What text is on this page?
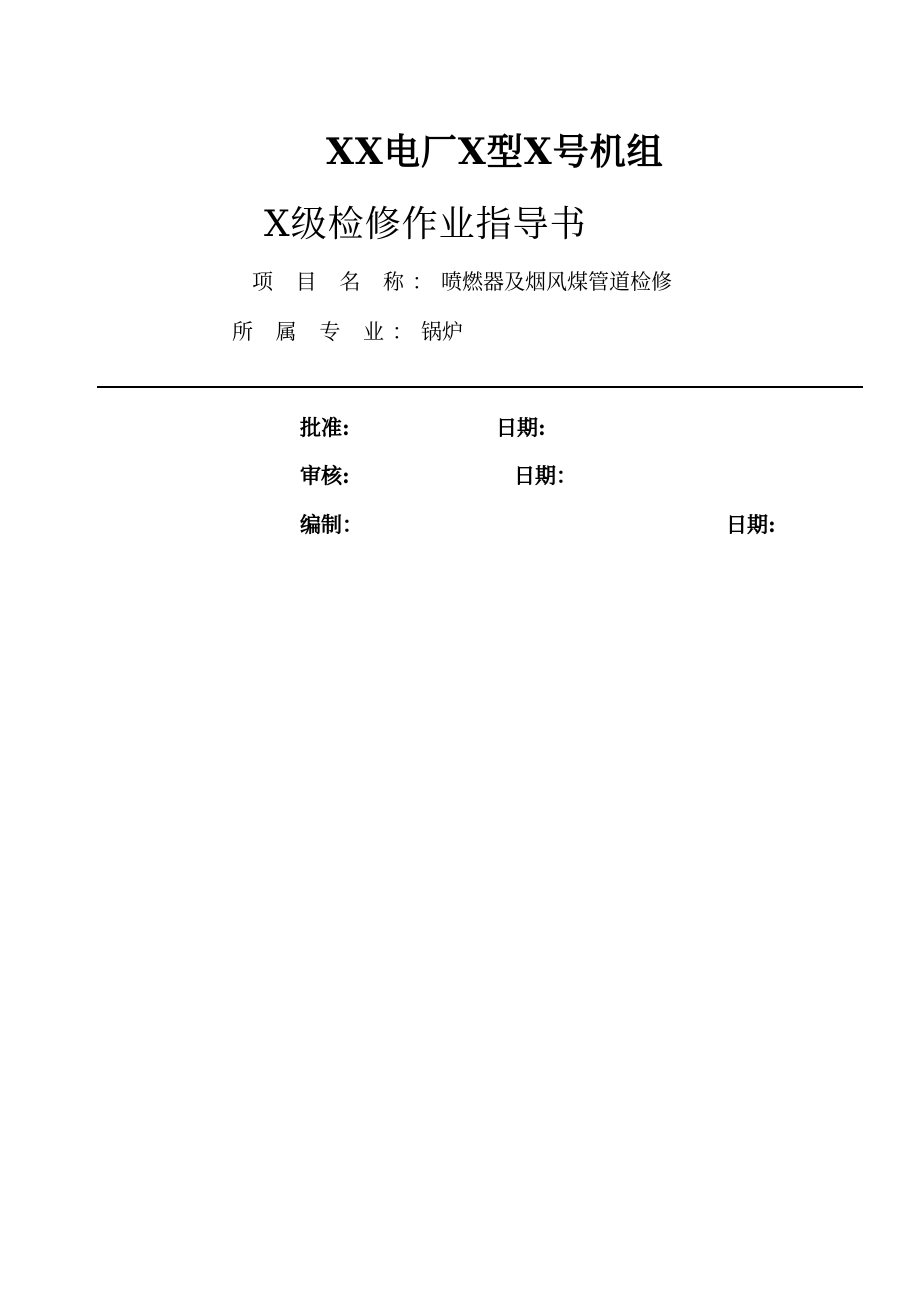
XX电厂X型X号机组
X级检修作业指导书
项 目 名 称：喷燃器及烟风煤管道检修
所 属 专 业：锅炉
批准:	日期:
审核:	日期：
编制：	日期:
